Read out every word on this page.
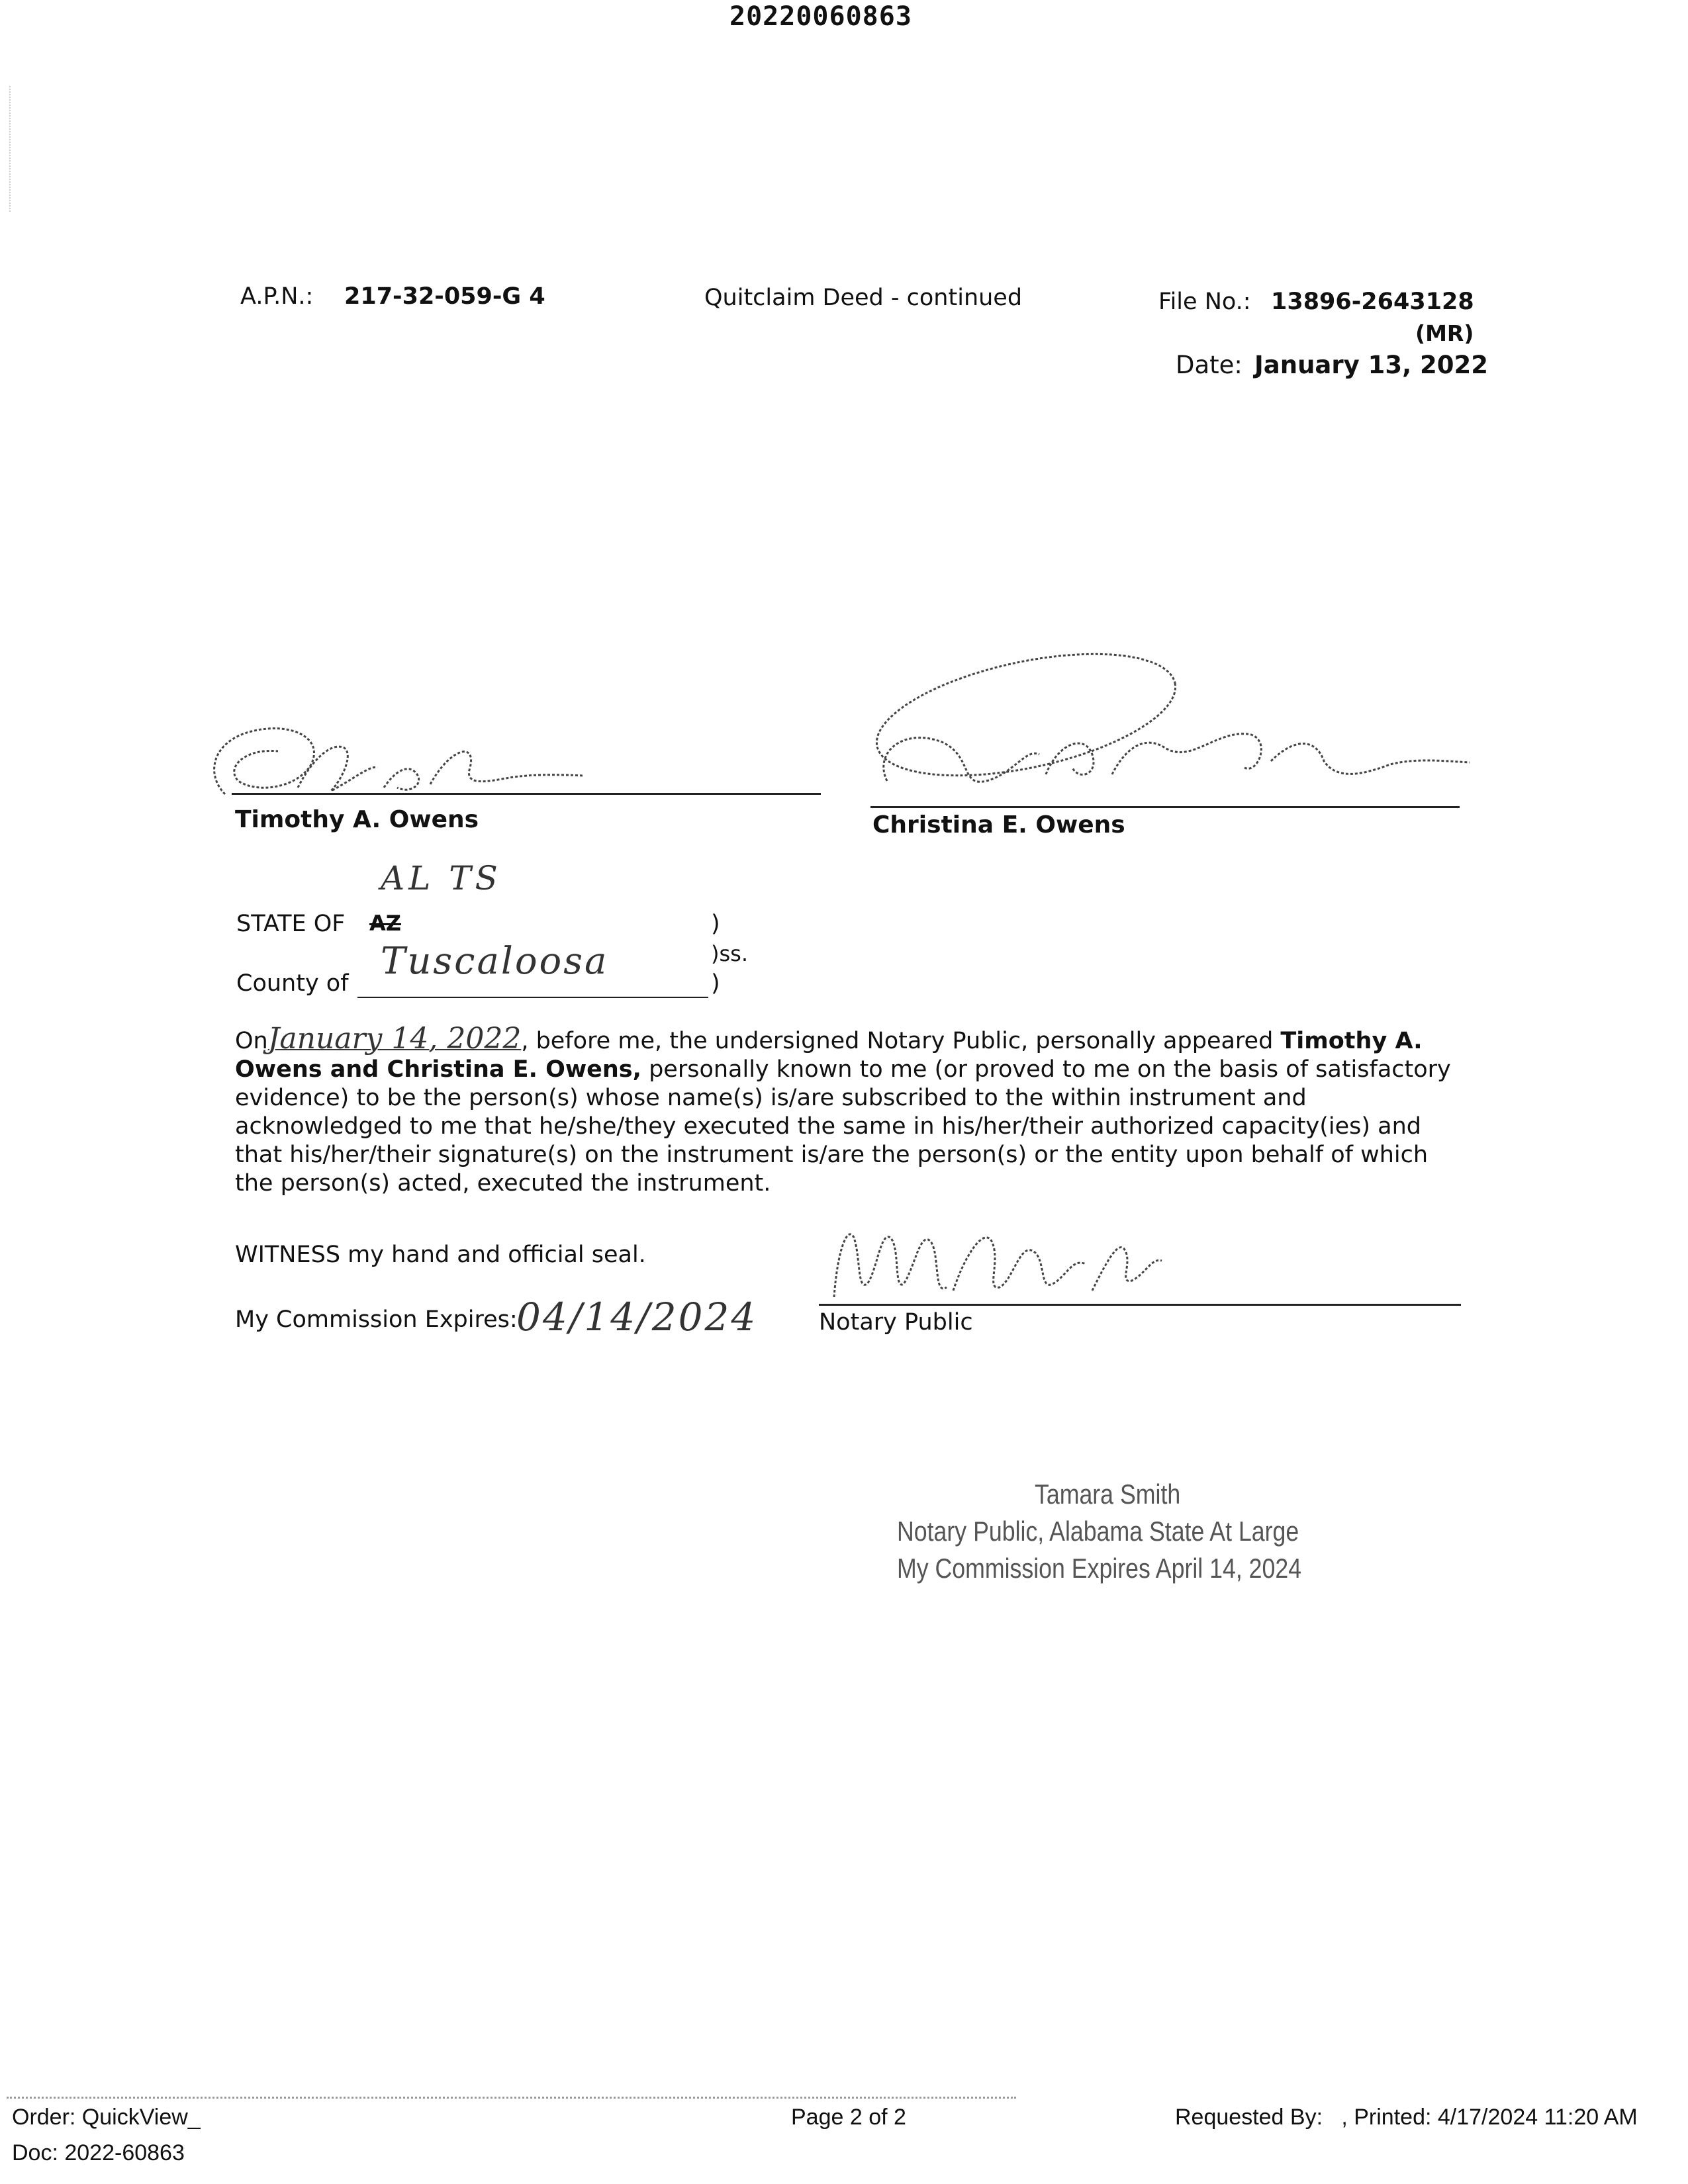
20220060863
A.P.N.: 217-32-059-G 4	Quitclaim Deed - continued	File No.: 13896-2643128
(MR)
Date: January 13, 2022
Timothy A. Owens	Christina E. Owens
AL TS
STATE OF AZ	)
)ss.
Tuscaloosa
County of	)
OnJanuary 14, 2022, before me, the undersigned Notary Public, personally appeared Timothy A. Owens and Christina E. Owens, personally known to me (or proved to me on the basis of satisfactory evidence) to be the person(s) whose name(s) is/are subscribed to the within instrument and acknowledged to me that he/she/they executed the same in his/her/their authorized capacity(ies) and that his/her/their signature(s) on the instrument is/are the person(s) or the entity upon behalf of which the person(s) acted, executed the instrument.
WITNESS my hand and official seal.
My Commission Expires:
04/14/2024	Notary Public
Tamara Smith
Notary Public, Alabama State At Large
My Commission Expires April 14, 2024
Order: QuickView_
Doc: 2022-60863
Page 2 of 2	Requested By:   , Printed: 4/17/2024 11:20 AM
